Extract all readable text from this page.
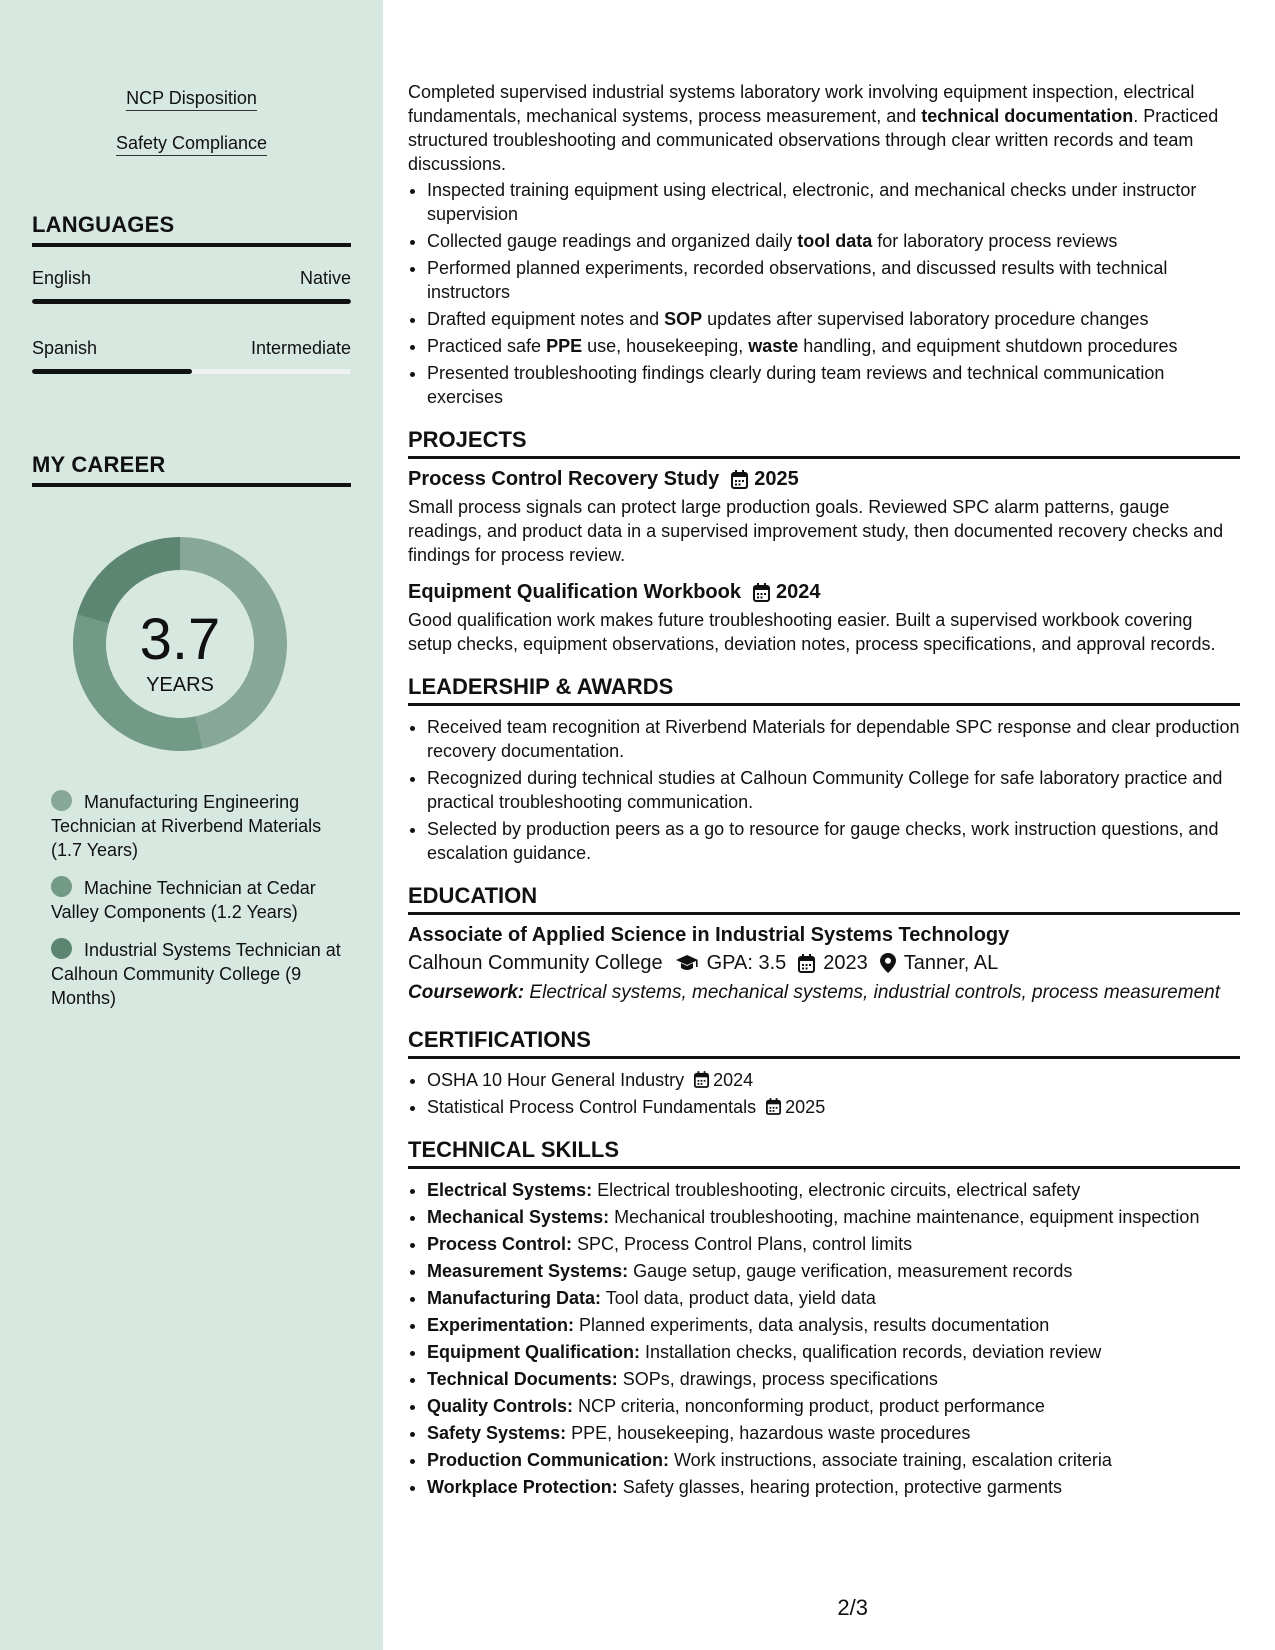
NCP Disposition
Safety Compliance
LANGUAGES
English	Native
Spanish	Intermediate
MY CAREER
3.7
YEARS
Manufacturing Engineering Technician at Riverbend Materials (1.7 Years)
Machine Technician at Cedar Valley Components (1.2 Years)
Industrial Systems Technician at Calhoun Community College (9 Months)
Completed supervised industrial systems laboratory work involving equipment inspection, electrical fundamentals, mechanical systems, process measurement, and technical documentation. Practiced structured troubleshooting and communicated observations through clear written records and team discussions.
• Inspected training equipment using electrical, electronic, and mechanical checks under instructor supervision
• Collected gauge readings and organized daily tool data for laboratory process reviews
• Performed planned experiments, recorded observations, and discussed results with technical instructors
• Drafted equipment notes and SOP updates after supervised laboratory procedure changes
• Practiced safe PPE use, housekeeping, waste handling, and equipment shutdown procedures
• Presented troubleshooting findings clearly during team reviews and technical communication exercises
PROJECTS
Process Control Recovery Study 2025
Small process signals can protect large production goals. Reviewed SPC alarm patterns, gauge readings, and product data in a supervised improvement study, then documented recovery checks and findings for process review.
Equipment Qualification Workbook 2024
Good qualification work makes future troubleshooting easier. Built a supervised workbook covering setup checks, equipment observations, deviation notes, process specifications, and approval records.
LEADERSHIP & AWARDS
• Received team recognition at Riverbend Materials for dependable SPC response and clear production recovery documentation.
• Recognized during technical studies at Calhoun Community College for safe laboratory practice and practical troubleshooting communication.
• Selected by production peers as a go to resource for gauge checks, work instruction questions, and escalation guidance.
EDUCATION
Associate of Applied Science in Industrial Systems Technology
Calhoun Community College GPA: 3.5 2023 Tanner, AL
Coursework: Electrical systems, mechanical systems, industrial controls, process measurement
CERTIFICATIONS
• OSHA 10 Hour General Industry 2024
• Statistical Process Control Fundamentals 2025
TECHNICAL SKILLS
• Electrical Systems: Electrical troubleshooting, electronic circuits, electrical safety
• Mechanical Systems: Mechanical troubleshooting, machine maintenance, equipment inspection
• Process Control: SPC, Process Control Plans, control limits
• Measurement Systems: Gauge setup, gauge verification, measurement records
• Manufacturing Data: Tool data, product data, yield data
• Experimentation: Planned experiments, data analysis, results documentation
• Equipment Qualification: Installation checks, qualification records, deviation review
• Technical Documents: SOPs, drawings, process specifications
• Quality Controls: NCP criteria, nonconforming product, product performance
• Safety Systems: PPE, housekeeping, hazardous waste procedures
• Production Communication: Work instructions, associate training, escalation criteria
• Workplace Protection: Safety glasses, hearing protection, protective garments
2/3
